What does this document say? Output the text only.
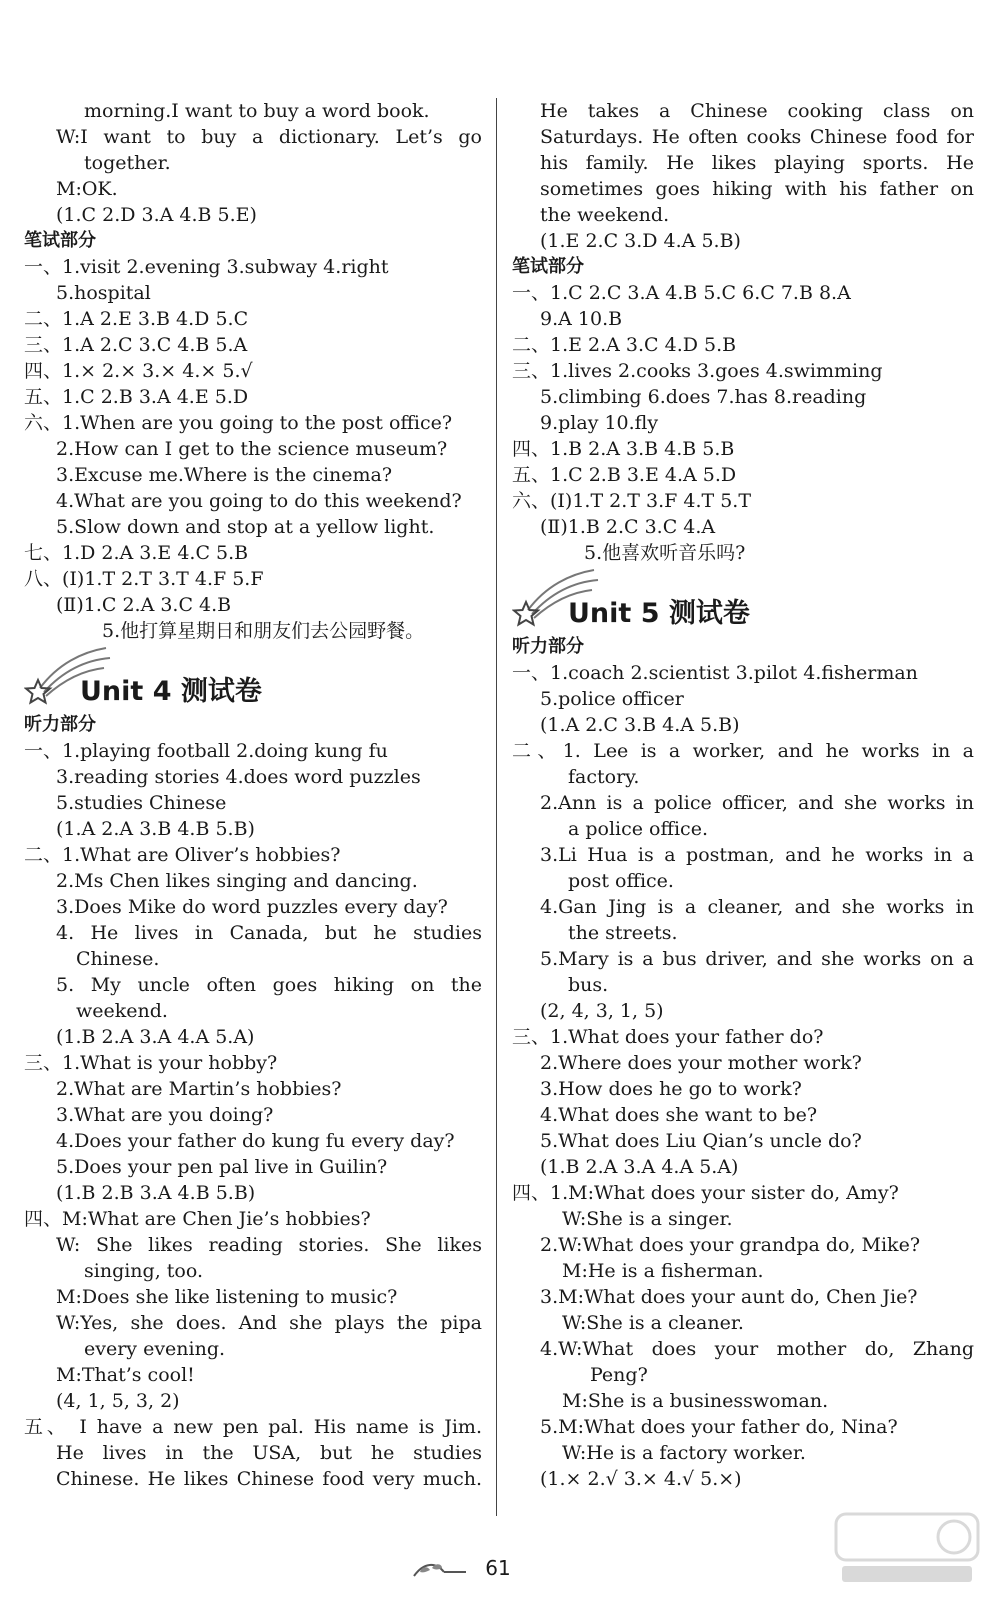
morning.I want to buy a word book.
W:I want to buy a dictionary. Let’s go
together.
M:OK.
(1.C 2.D 3.A 4.B 5.E)
笔试部分
一、1.visit 2.evening 3.subway 4.right
5.hospital
二、1.A 2.E 3.B 4.D 5.C
三、1.A 2.C 3.C 4.B 5.A
四、1.× 2.× 3.× 4.× 5.√
五、1.C 2.B 3.A 4.E 5.D
六、1.When are you going to the post office?
2.How can I get to the science museum?
3.Excuse me.Where is the cinema?
4.What are you going to do this weekend?
5.Slow down and stop at a yellow light.
七、1.D 2.A 3.E 4.C 5.B
八、(Ⅰ)1.T 2.T 3.T 4.F 5.F
(Ⅱ)1.C 2.A 3.C 4.B
5.他打算星期日和朋友们去公园野餐。
Unit 4 测试卷
听力部分
一、1.playing football 2.doing kung fu
3.reading stories 4.does word puzzles
5.studies Chinese
(1.A 2.A 3.B 4.B 5.B)
二、1.What are Oliver’s hobbies?
2.Ms Chen likes singing and dancing.
3.Does Mike do word puzzles every day?
4. He lives in Canada, but he studies
Chinese.
5. My uncle often goes hiking on the
weekend.
(1.B 2.A 3.A 4.A 5.A)
三、1.What is your hobby?
2.What are Martin’s hobbies?
3.What are you doing?
4.Does your father do kung fu every day?
5.Does your pen pal live in Guilin?
(1.B 2.B 3.A 4.B 5.B)
四、M:What are Chen Jie’s hobbies?
W: She likes reading stories. She likes
singing, too.
M:Does she like listening to music?
W:Yes, she does. And she plays the pipa
every evening.
M:That’s cool!
(4, 1, 5, 3, 2)
五、 I have a new pen pal. His name is Jim.
He lives in the USA, but he studies
Chinese. He likes Chinese food very much.
He takes a Chinese cooking class on
Saturdays. He often cooks Chinese food for
his family. He likes playing sports. He
sometimes goes hiking with his father on
the weekend.
(1.E 2.C 3.D 4.A 5.B)
笔试部分
一、1.C 2.C 3.A 4.B 5.C 6.C 7.B 8.A
9.A 10.B
二、1.E 2.A 3.C 4.D 5.B
三、1.lives 2.cooks 3.goes 4.swimming
5.climbing 6.does 7.has 8.reading
9.play 10.fly
四、1.B 2.A 3.B 4.B 5.B
五、1.C 2.B 3.E 4.A 5.D
六、(Ⅰ)1.T 2.T 3.F 4.T 5.T
(Ⅱ)1.B 2.C 3.C 4.A
5.他喜欢听音乐吗?
Unit 5 测试卷
听力部分
一、1.coach 2.scientist 3.pilot 4.fisherman
5.police officer
(1.A 2.C 3.B 4.A 5.B)
二、1. Lee is a worker, and he works in a
factory.
2.Ann is a police officer, and she works in
a police office.
3.Li Hua is a postman, and he works in a
post office.
4.Gan Jing is a cleaner, and she works in
the streets.
5.Mary is a bus driver, and she works on a
bus.
(2, 4, 3, 1, 5)
三、1.What does your father do?
2.Where does your mother work?
3.How does he go to work?
4.What does she want to be?
5.What does Liu Qian’s uncle do?
(1.B 2.A 3.A 4.A 5.A)
四、1.M:What does your sister do, Amy?
W:She is a singer.
2.W:What does your grandpa do, Mike?
M:He is a fisherman.
3.M:What does your aunt do, Chen Jie?
W:She is a cleaner.
4.W:What does your mother do, Zhang
Peng?
M:She is a businesswoman.
5.M:What does your father do, Nina?
W:He is a factory worker.
(1.× 2.√ 3.× 4.√ 5.×)
61
